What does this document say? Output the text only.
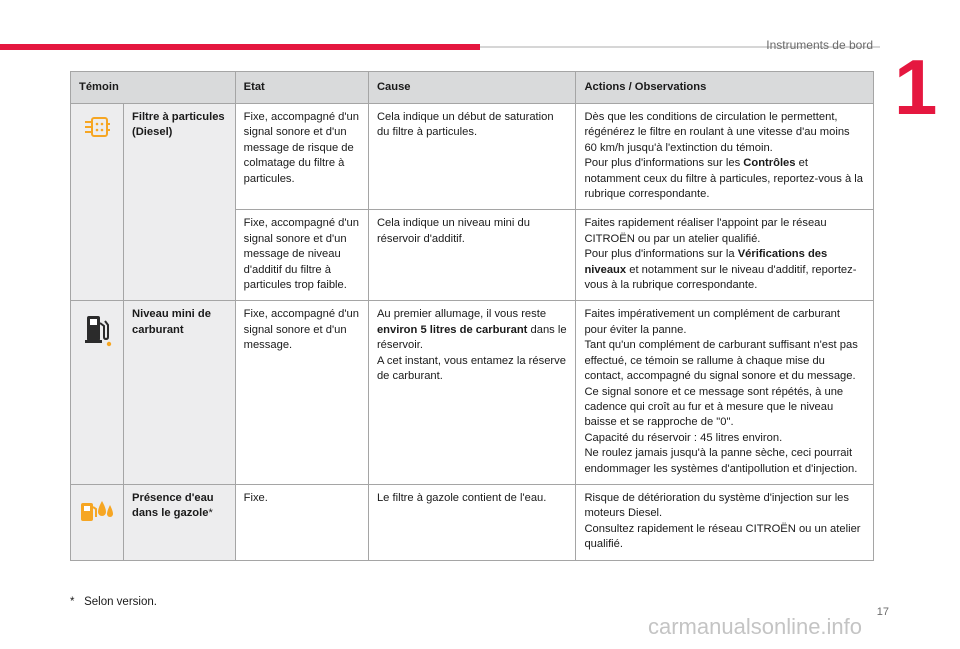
Instruments de bord 1
Témoin		Etat	Cause	Actions / Observations

	Filtre à particules (Diesel)	Fixe, accompagné d'un signal sonore et d'un message de risque de colmatage du filtre à particules.	Cela indique un début de saturation du filtre à particules.	Dès que les conditions de circulation le permettent, régénérez le filtre en roulant à une vitesse d'au moins 60 km/h jusqu'à l'extinction du témoin.
Pour plus d'informations sur les Contrôles et notamment ceux du filtre à particules, reportez-vous à la rubrique correspondante.
		Fixe, accompagné d'un signal sonore et d'un message de niveau d'additif du filtre à particules trop faible.	Cela indique un niveau mini du réservoir d'additif.	Faites rapidement réaliser l'appoint par le réseau CITROËN ou par un atelier qualifié.
Pour plus d'informations sur la Vérifications des niveaux et notamment sur le niveau d'additif, reportez-vous à la rubrique correspondante.

	Niveau mini de carburant	Fixe, accompagné d'un signal sonore et d'un message.	Au premier allumage, il vous reste environ 5 litres de carburant dans le réservoir.
A cet instant, vous entamez la réserve de carburant.	Faites impérativement un complément de carburant pour éviter la panne.
Tant qu'un complément de carburant suffisant n'est pas effectué, ce témoin se rallume à chaque mise du contact, accompagné du signal sonore et du message.
Ce signal sonore et ce message sont répétés, à une cadence qui croît au fur et à mesure que le niveau baisse et se rapproche de "0".
Capacité du réservoir : 45 litres environ.
Ne roulez jamais jusqu'à la panne sèche, ceci pourrait endommager les systèmes d'antipollution et d'injection.

	Présence d'eau dans le gazole*	Fixe.	Le filtre à gazole contient de l'eau.	Risque de détérioration du système d'injection sur les moteurs Diesel.
Consultez rapidement le réseau CITROËN ou un atelier qualifié.
* Selon version.
17
carmanualsonline.info
